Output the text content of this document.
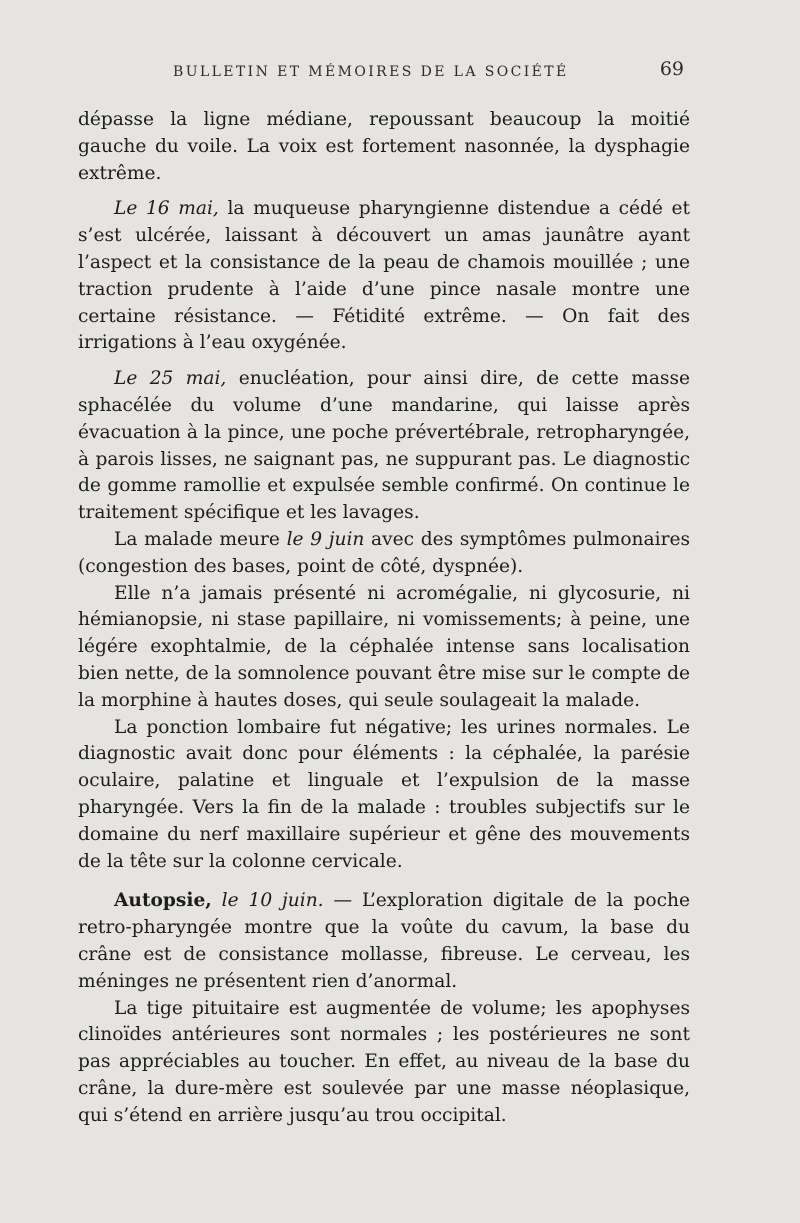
BULLETIN ET MÉMOIRES DE LA SOCIÉTÉ	69

dépasse la ligne médiane, repoussant beaucoup la moitié gauche du voile. La voix est fortement nasonnée, la dysphagie extrême.

Le 16 mai, la muqueuse pharyngienne distendue a cédé et s’est ulcérée, laissant à découvert un amas jaunâtre ayant l’aspect et la consistance de la peau de chamois mouillée ; une traction prudente à l’aide d’une pince nasale montre une certaine résistance. — Fétidité extrême. — On fait des irrigations à l’eau oxygénée.

Le 25 mai, enucléation, pour ainsi dire, de cette masse sphacélée du volume d’une mandarine, qui laisse après évacuation à la pince, une poche prévertébrale, retropharyngée, à parois lisses, ne saignant pas, ne suppurant pas. Le diagnostic de gomme ramollie et expulsée semble confirmé. On continue le traitement spécifique et les lavages.

La malade meure le 9 juin avec des symptômes pulmonaires (congestion des bases, point de côté, dyspnée).

Elle n’a jamais présenté ni acromégalie, ni glycosurie, ni hémianopsie, ni stase papillaire, ni vomissements; à peine, une légére exophtalmie, de la céphalée intense sans localisation bien nette, de la somnolence pouvant être mise sur le compte de la morphine à hautes doses, qui seule soulageait la malade.

La ponction lombaire fut négative; les urines normales. Le diagnostic avait donc pour éléments : la céphalée, la parésie oculaire, palatine et linguale et l’expulsion de la masse pharyngée. Vers la fin de la malade : troubles subjectifs sur le domaine du nerf maxillaire supérieur et gêne des mouvements de la tête sur la colonne cervicale.

Autopsie, le 10 juin. — L’exploration digitale de la poche retro-pharyngée montre que la voûte du cavum, la base du crâne est de consistance mollasse, fibreuse. Le cerveau, les méninges ne présentent rien d’anormal.

La tige pituitaire est augmentée de volume; les apophyses clinoïdes antérieures sont normales ; les postérieures ne sont pas appréciables au toucher. En effet, au niveau de la base du crâne, la dure-mère est soulevée par une masse néoplasique, qui s’étend en arrière jusqu’au trou occipital.
